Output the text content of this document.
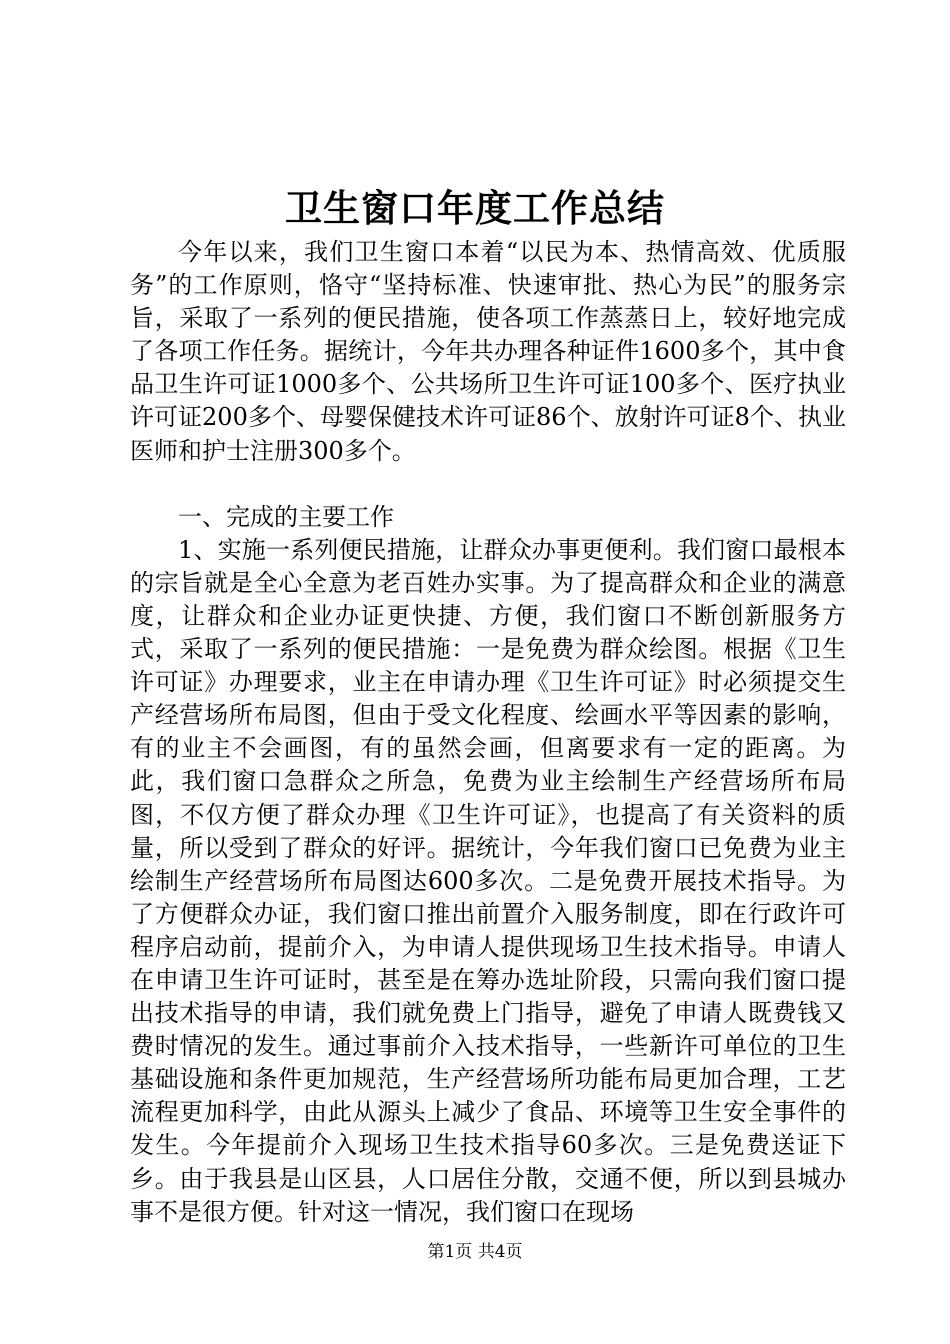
卫生窗口年度工作总结

今年以来，我们卫生窗口本着“以民为本、热情高效、优质服务”的工作原则，恪守“坚持标准、快速审批、热心为民”的服务宗旨，采取了一系列的便民措施，使各项工作蒸蒸日上，较好地完成了各项工作任务。据统计，今年共办理各种证件1600多个，其中食品卫生许可证1000多个、公共场所卫生许可证100多个、医疗执业许可证200多个、母婴保健技术许可证86个、放射许可证8个、执业医师和护士注册300多个。

一、完成的主要工作

1、实施一系列便民措施，让群众办事更便利。我们窗口最根本的宗旨就是全心全意为老百姓办实事。为了提高群众和企业的满意度，让群众和企业办证更快捷、方便，我们窗口不断创新服务方式，采取了一系列的便民措施：一是免费为群众绘图。根据《卫生许可证》办理要求，业主在申请办理《卫生许可证》时必须提交生产经营场所布局图，但由于受文化程度、绘画水平等因素的影响，有的业主不会画图，有的虽然会画，但离要求有一定的距离。为此，我们窗口急群众之所急，免费为业主绘制生产经营场所布局图，不仅方便了群众办理《卫生许可证》，也提高了有关资料的质量，所以受到了群众的好评。据统计，今年我们窗口已免费为业主绘制生产经营场所布局图达600多次。二是免费开展技术指导。为了方便群众办证，我们窗口推出前置介入服务制度，即在行政许可程序启动前，提前介入，为申请人提供现场卫生技术指导。申请人在申请卫生许可证时，甚至是在筹办选址阶段，只需向我们窗口提出技术指导的申请，我们就免费上门指导，避免了申请人既费钱又费时情况的发生。通过事前介入技术指导，一些新许可单位的卫生基础设施和条件更加规范，生产经营场所功能布局更加合理，工艺流程更加科学，由此从源头上减少了食品、环境等卫生安全事件的发生。今年提前介入现场卫生技术指导60多次。三是免费送证下乡。由于我县是山区县，人口居住分散，交通不便，所以到县城办事不是很方便。针对这一情况，我们窗口在现场

第1页 共4页
